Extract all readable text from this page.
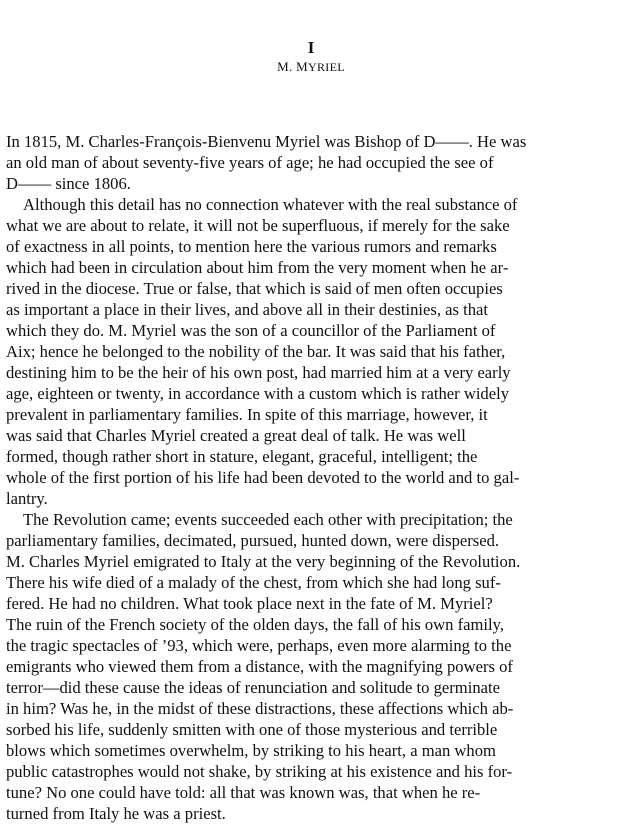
I
M. MYRIEL
In 1815, M. Charles-François-Bienvenu Myriel was Bishop of D——. He was
an old man of about seventy-five years of age; he had occupied the see of
D—— since 1806.
Although this detail has no connection whatever with the real substance of
what we are about to relate, it will not be superfluous, if merely for the sake
of exactness in all points, to mention here the various rumors and remarks
which had been in circulation about him from the very moment when he ar-
rived in the diocese. True or false, that which is said of men often occupies
as important a place in their lives, and above all in their destinies, as that
which they do. M. Myriel was the son of a councillor of the Parliament of
Aix; hence he belonged to the nobility of the bar. It was said that his father,
destining him to be the heir of his own post, had married him at a very early
age, eighteen or twenty, in accordance with a custom which is rather widely
prevalent in parliamentary families. In spite of this marriage, however, it
was said that Charles Myriel created a great deal of talk. He was well
formed, though rather short in stature, elegant, graceful, intelligent; the
whole of the first portion of his life had been devoted to the world and to gal-
lantry.
The Revolution came; events succeeded each other with precipitation; the
parliamentary families, decimated, pursued, hunted down, were dispersed.
M. Charles Myriel emigrated to Italy at the very beginning of the Revolution.
There his wife died of a malady of the chest, from which she had long suf-
fered. He had no children. What took place next in the fate of M. Myriel?
The ruin of the French society of the olden days, the fall of his own family,
the tragic spectacles of ’93, which were, perhaps, even more alarming to the
emigrants who viewed them from a distance, with the magnifying powers of
terror—did these cause the ideas of renunciation and solitude to germinate
in him? Was he, in the midst of these distractions, these affections which ab-
sorbed his life, suddenly smitten with one of those mysterious and terrible
blows which sometimes overwhelm, by striking to his heart, a man whom
public catastrophes would not shake, by striking at his existence and his for-
tune? No one could have told: all that was known was, that when he re-
turned from Italy he was a priest.
